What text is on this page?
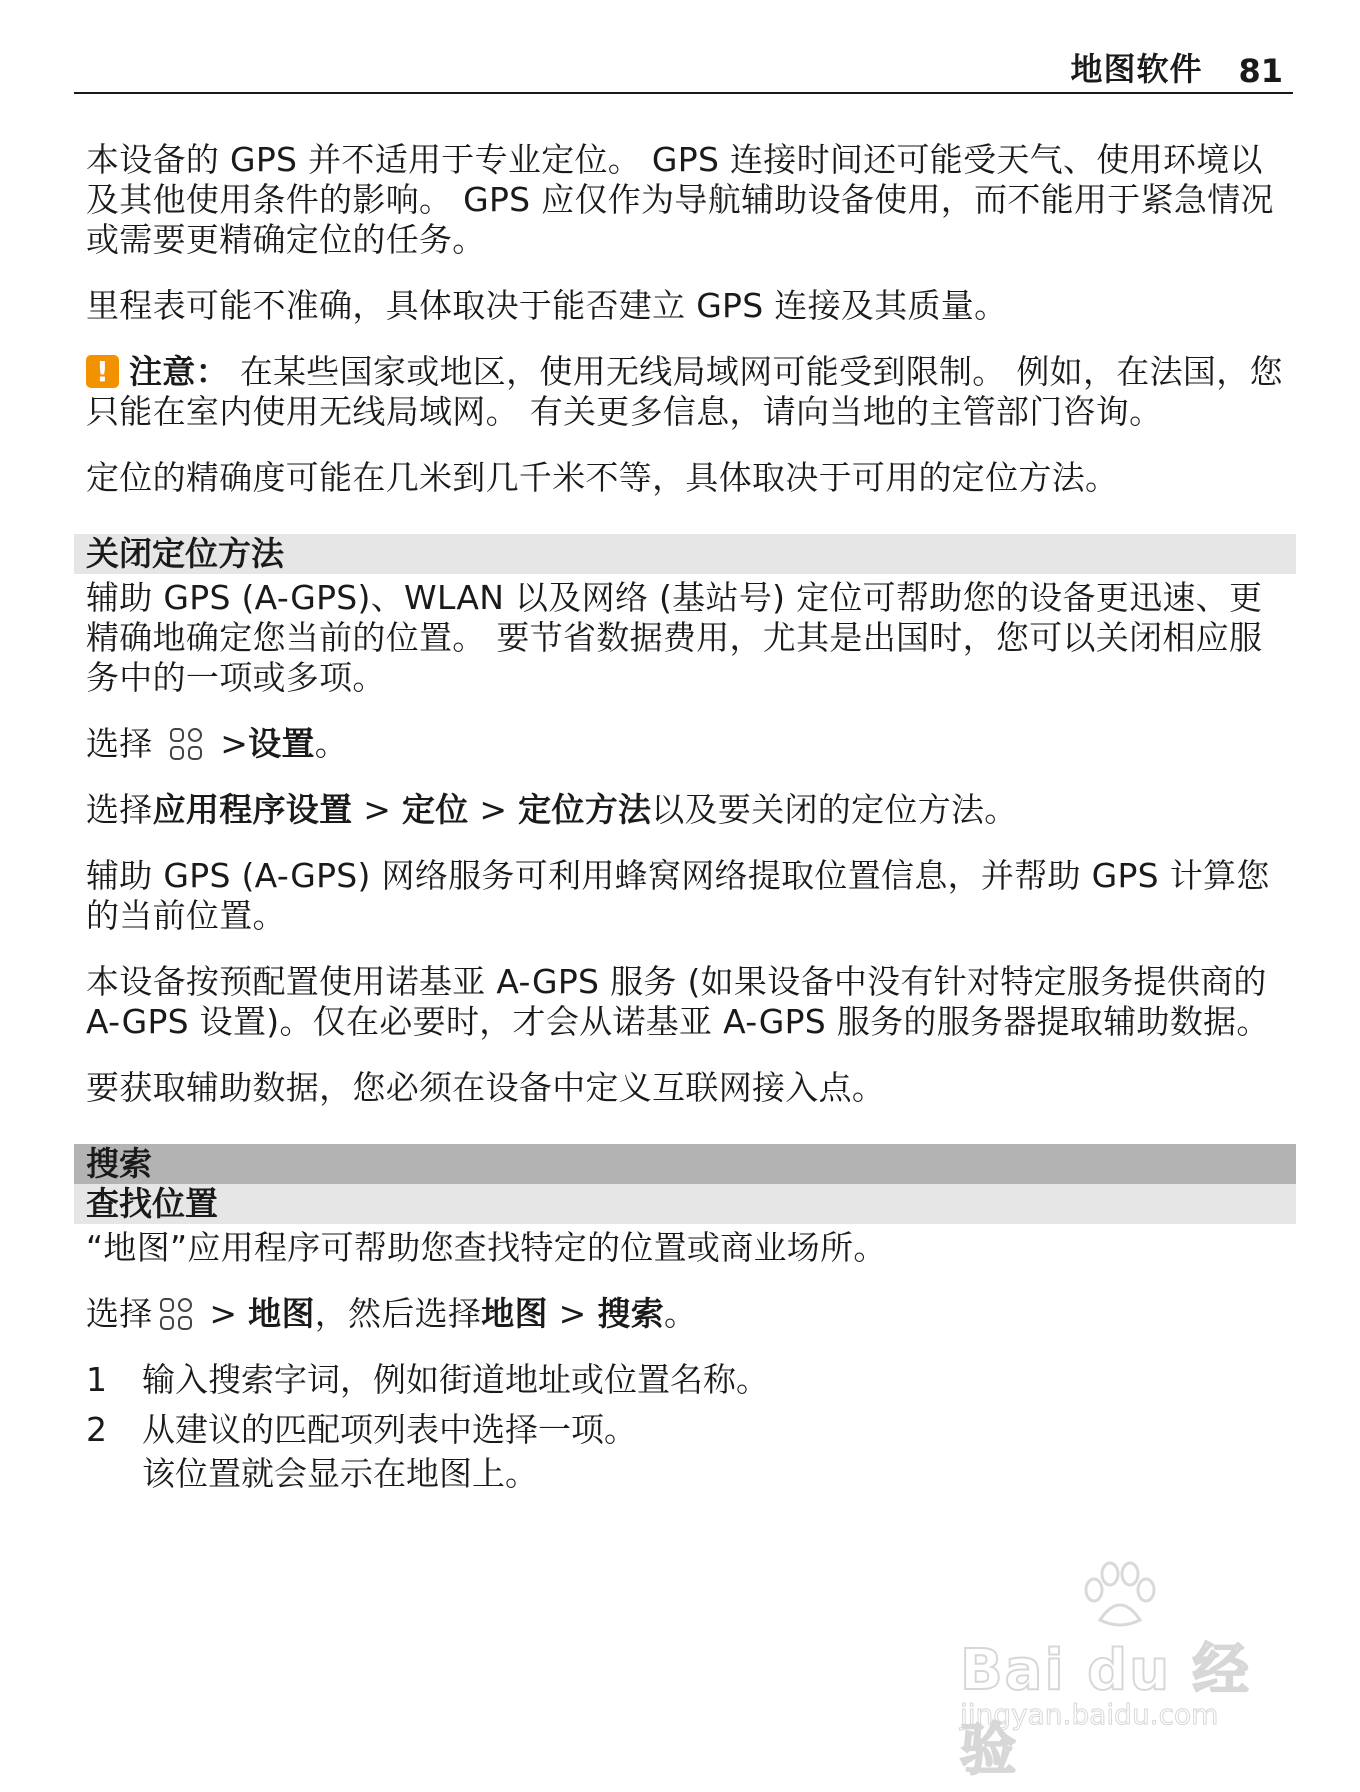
地图软件 81

本设备的 GPS 并不适用于专业定位。 GPS 连接时间还可能受天气、使用环境以及其他使用条件的影响。 GPS 应仅作为导航辅助设备使用，而不能用于紧急情况或需要更精确定位的任务。

里程表可能不准确，具体取决于能否建立 GPS 连接及其质量。

! 注意： 在某些国家或地区，使用无线局域网可能受到限制。 例如，在法国，您只能在室内使用无线局域网。 有关更多信息，请向当地的主管部门咨询。

定位的精确度可能在几米到几千米不等，具体取决于可用的定位方法。

关闭定位方法

辅助 GPS (A-GPS)、WLAN 以及网络 (基站号) 定位可帮助您的设备更迅速、更精确地确定您当前的位置。 要节省数据费用，尤其是出国时，您可以关闭相应服务中的一项或多项。

选择 >设置。

选择应用程序设置 > 定位 > 定位方法以及要关闭的定位方法。

辅助 GPS (A-GPS) 网络服务可利用蜂窝网络提取位置信息，并帮助 GPS 计算您的当前位置。

本设备按预配置使用诺基亚 A-GPS 服务 (如果设备中没有针对特定服务提供商的 A-GPS 设置)。仅在必要时，才会从诺基亚 A-GPS 服务的服务器提取辅助数据。

要获取辅助数据，您必须在设备中定义互联网接入点。

搜索
查找位置

“地图”应用程序可帮助您查找特定的位置或商业场所。

选择 > 地图，然后选择地图 > 搜索。

1	输入搜索字词，例如街道地址或位置名称。
2	从建议的匹配项列表中选择一项。
该位置就会显示在地图上。
Bai du 经验
jingyan.baidu.com
